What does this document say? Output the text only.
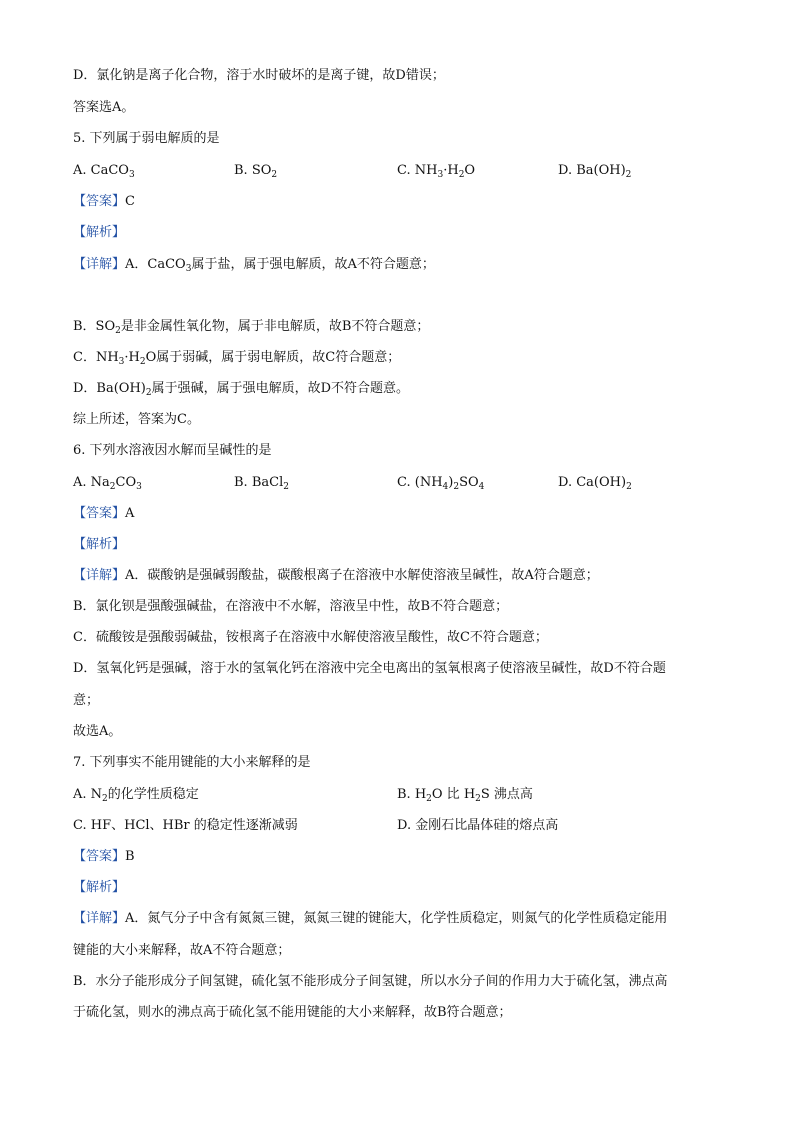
D．氯化钠是离子化合物，溶于水时破坏的是离子键，故D错误；
答案选A。
5. 下列属于弱电解质的是
A. CaCO$_3$	B. $SO_2$	C. $NH_3\cdot H_2O$	D. $Ba(OH)_2$
【答案】C
【解析】
【详解】A．CaCO$_3$属于盐，属于强电解质，故A不符合题意；
B．$SO_2$是非金属性氧化物，属于非电解质，故B不符合题意；
C．$NH_3\cdot H_2O$属于弱碱，属于弱电解质，故C符合题意；
D．$Ba(OH)_2$属于强碱，属于强电解质，故D不符合题意。
综上所述，答案为C。
6. 下列水溶液因水解而呈碱性的是
A. $Na_2CO_3$	B. BaCl$_2$	C. $(NH_4)_2SO_4$	D. $Ca(OH)_2$
【答案】A
【解析】
【详解】A．碳酸钠是强碱弱酸盐，碳酸根离子在溶液中水解使溶液呈碱性，故A符合题意；
B．氯化钡是强酸强碱盐，在溶液中不水解，溶液呈中性，故B不符合题意；
C．硫酸铵是强酸弱碱盐，铵根离子在溶液中水解使溶液呈酸性，故C不符合题意；
D．氢氧化钙是强碱，溶于水的氢氧化钙在溶液中完全电离出的氢氧根离子使溶液呈碱性，故D不符合题
意；
故选A。
7. 下列事实不能用键能的大小来解释的是
A. $N_2$的化学性质稳定	B. $H_2O$ 比 $H_2S$ 沸点高
C. HF、HCl、HBr 的稳定性逐渐减弱	D. 金刚石比晶体硅的熔点高
【答案】B
【解析】
【详解】A．氮气分子中含有氮氮三键，氮氮三键的键能大，化学性质稳定，则氮气的化学性质稳定能用
键能的大小来解释，故A不符合题意；
B．水分子能形成分子间氢键，硫化氢不能形成分子间氢键，所以水分子间的作用力大于硫化氢，沸点高
于硫化氢，则水的沸点高于硫化氢不能用键能的大小来解释，故B符合题意；
